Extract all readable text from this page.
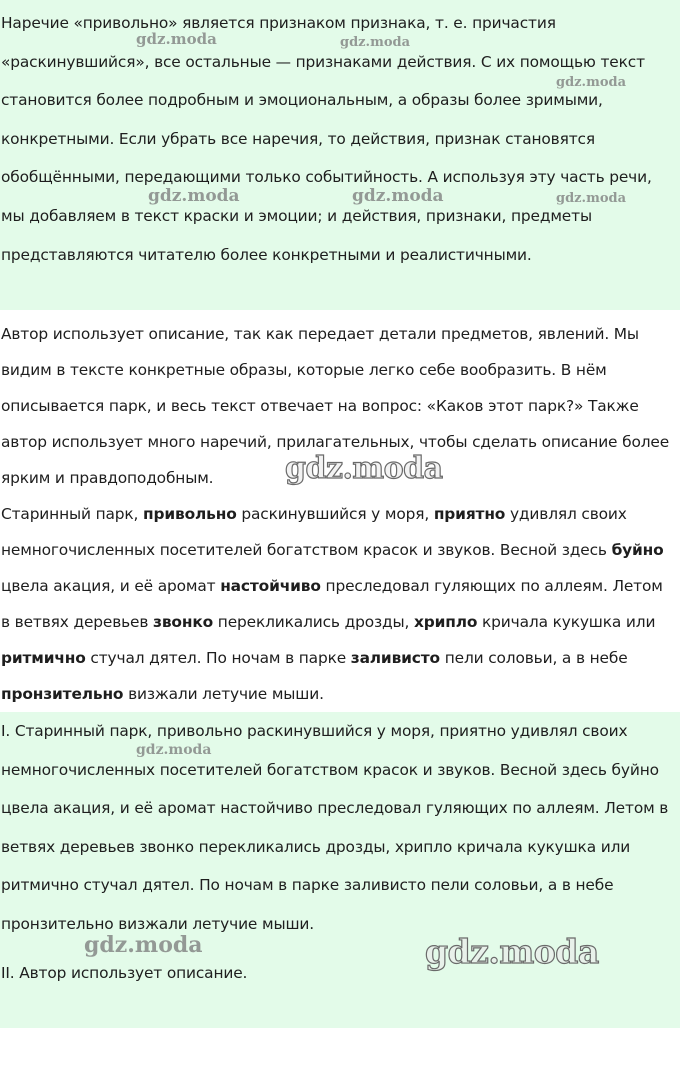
Наречие «привольно» является признаком признака, т. е. причастия «раскинувшийся», все остальные — признаками действия. С их помощью текст становится более подробным и эмоциональным, а образы более зримыми, конкретными. Если убрать все наречия, то действия, признак становятся обобщёнными, передающими только событийность. А используя эту часть речи, мы добавляем в текст краски и эмоции; и действия, признаки, предметы представляются читателю более конкретными и реалистичными.

Автор использует описание, так как передает детали предметов, явлений. Мы видим в тексте конкретные образы, которые легко себе вообразить. В нём описывается парк, и весь текст отвечает на вопрос: «Каков этот парк?» Также автор использует много наречий, прилагательных, чтобы сделать описание более ярким и правдоподобным.

Старинный парк, привольно раскинувшийся у моря, приятно удивлял своих немногочисленных посетителей богатством красок и звуков. Весной здесь буйно цвела акация, и её аромат настойчиво преследовал гуляющих по аллеям. Летом в ветвях деревьев звонко перекликались дрозды, хрипло кричала кукушка или ритмично стучал дятел. По ночам в парке заливисто пели соловьи, а в небе пронзительно визжали летучие мыши.

I. Старинный парк, привольно раскинувшийся у моря, приятно удивлял своих немногочисленных посетителей богатством красок и звуков. Весной здесь буйно цвела акация, и её аромат настойчиво преследовал гуляющих по аллеям. Летом в ветвях деревьев звонко перекликались дрозды, хрипло кричала кукушка или ритмично стучал дятел. По ночам в парке заливисто пели соловьи, а в небе пронзительно визжали летучие мыши.

II. Автор использует описание.

gdz.moda	gdz.moda
gdz.moda
gdz.moda	gdz.moda	gdz.moda
gdz.moda
gdz.moda
gdz.moda	gdz.moda
